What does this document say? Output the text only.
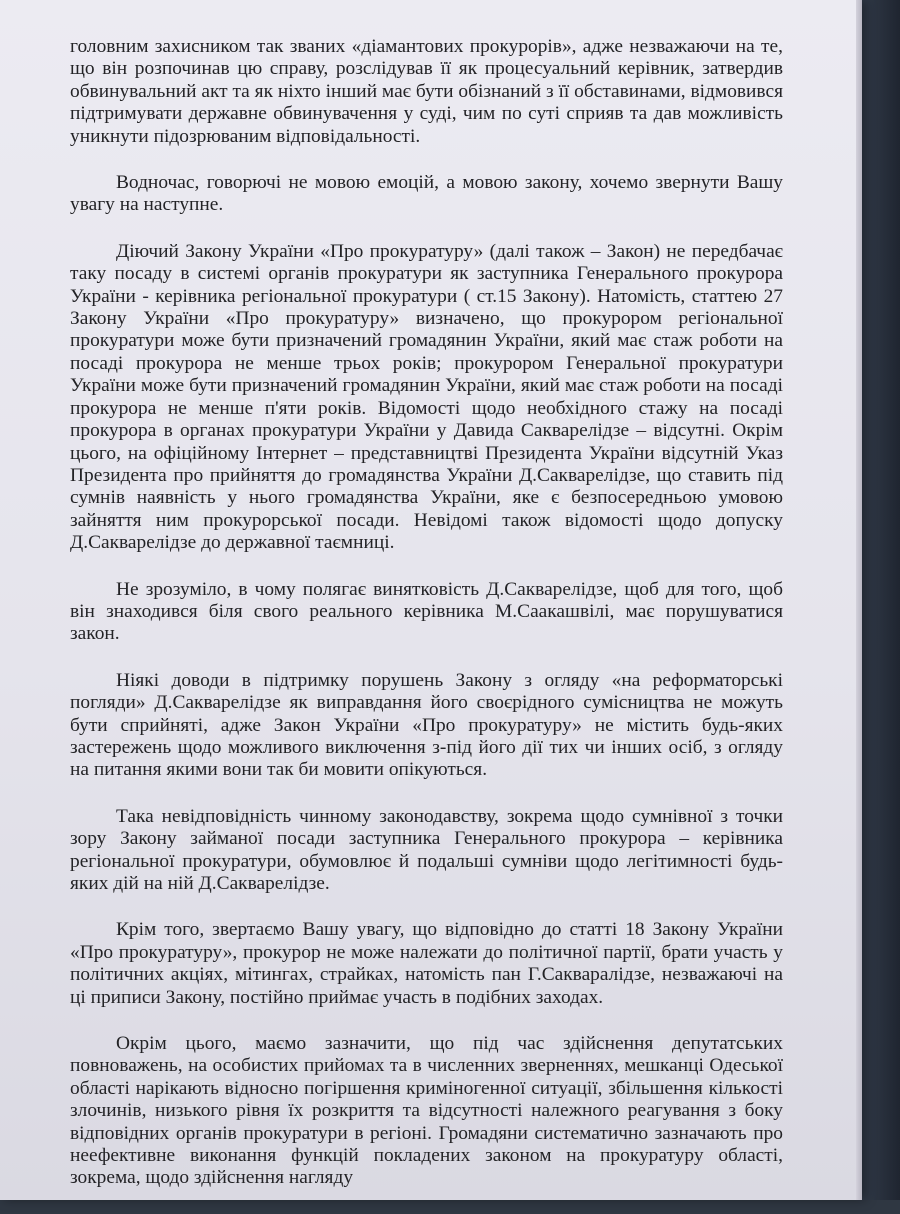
головним захисником так званих «діамантових прокурорів», адже незважаючи на те, що він розпочинав цю справу, розслідував її як процесуальний керівник, затвердив обвинувальний акт та як ніхто інший має бути обізнаний з її обставинами, відмовився підтримувати державне обвинувачення у суді, чим по суті сприяв та дав можливість уникнути підозрюваним відповідальності.

Водночас, говорючі не мовою емоцій, а мовою закону, хочемо звернути Вашу увагу на наступне.

Діючий Закону України «Про прокуратуру» (далі також – Закон) не передбачає таку посаду в системі органів прокуратури як заступника Генерального прокурора України - керівника регіональної прокуратури ( ст.15 Закону). Натомість, статтею 27 Закону України «Про прокуратуру» визначено, що прокурором регіональної прокуратури може бути призначений громадянин України, який має стаж роботи на посаді прокурора не менше трьох років; прокурором Генеральної прокуратури України може бути призначений громадянин України, який має стаж роботи на посаді прокурора не менше п'яти років. Відомості щодо необхідного стажу на посаді прокурора в органах прокуратури України у Давида Сакварелідзе – відсутні. Окрім цього, на офіційному Інтернет – представництві Президента України відсутній Указ Президента про прийняття до громадянства України Д.Сакварелідзе, що ставить під сумнів наявність у нього громадянства України, яке є безпосередньою умовою зайняття ним прокурорської посади. Невідомі також відомості щодо допуску Д.Сакварелідзе до державної таємниці.

Не зрозуміло, в чому полягає винятковість Д.Сакварелідзе, щоб для того, щоб він знаходився біля свого реального керівника М.Саакашвілі, має порушуватися закон.

Ніякі доводи в підтримку порушень Закону з огляду «на реформаторські погляди» Д.Сакварелідзе як виправдання його своєрідного сумісництва не можуть бути сприйняті, адже Закон України «Про прокуратуру» не містить будь-яких застережень щодо можливого виключення з-під його дії тих чи інших осіб, з огляду на питання якими вони так би мовити опікуються.

Така невідповідність чинному законодавству, зокрема щодо сумнівної з точки зору Закону займаної посади заступника Генерального прокурора – керівника регіональної прокуратури, обумовлює й подальші сумніви щодо легітимності будь-яких дій на ній Д.Сакварелідзе.

Крім того, звертаємо Вашу увагу, що відповідно до статті 18 Закону України «Про прокуратуру», прокурор не може належати до політичної партії, брати участь у політичних акціях, мітингах, страйках, натомість пан Г.Сакваралідзе, незважаючі на ці приписи Закону, постійно приймає участь в подібних заходах.

Окрім цього, маємо зазначити, що під час здійснення депутатських повноважень, на особистих прийомах та в численних зверненнях, мешканці Одеської області нарікають відносно погіршення криміногенної ситуації, збільшення кількості злочинів, низького рівня їх розкриття та відсутності належного реагування з боку відповідних органів прокуратури в регіоні. Громадяни систематично зазначають про неефективне виконання функцій покладених законом на прокуратуру області, зокрема, щодо здійснення нагляду
